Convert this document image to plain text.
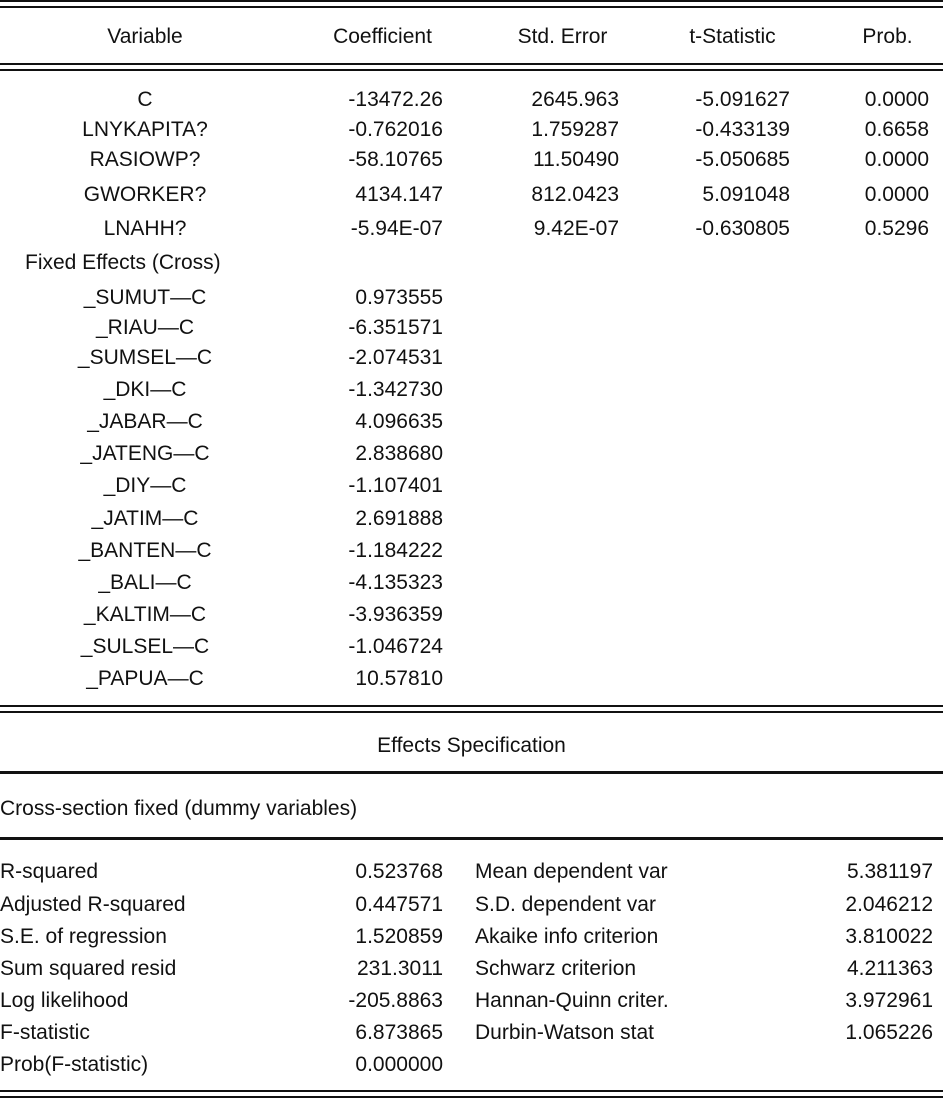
Variable	Coefficient	Std. Error	t-Statistic	Prob.
C	-13472.26	2645.963	-5.091627	0.0000
LNYKAPITA?	-0.762016	1.759287	-0.433139	0.6658
RASIOWP?	-58.10765	11.50490	-5.050685	0.0000
GWORKER?	4134.147	812.0423	5.091048	0.0000
LNAHH?	-5.94E-07	9.42E-07	-0.630805	0.5296
Fixed Effects (Cross)
_SUMUT—C	0.973555
_RIAU—C	-6.351571
_SUMSEL—C	-2.074531
_DKI—C	-1.342730
_JABAR—C	4.096635
_JATENG—C	2.838680
_DIY—C	-1.107401
_JATIM—C	2.691888
_BANTEN—C	-1.184222
_BALI—C	-4.135323
_KALTIM—C	-3.936359
_SULSEL—C	-1.046724
_PAPUA—C	10.57810
Effects Specification
Cross-section fixed (dummy variables)
R-squared	0.523768 Mean dependent var	5.381197
Adjusted R-squared	0.447571 S.D. dependent var	2.046212
S.E. of regression	1.520859 Akaike info criterion	3.810022
Sum squared resid	231.3011 Schwarz criterion	4.211363
Log likelihood	-205.8863 Hannan-Quinn criter.	3.972961
F-statistic	6.873865 Durbin-Watson stat	1.065226
Prob(F-statistic)	0.000000
